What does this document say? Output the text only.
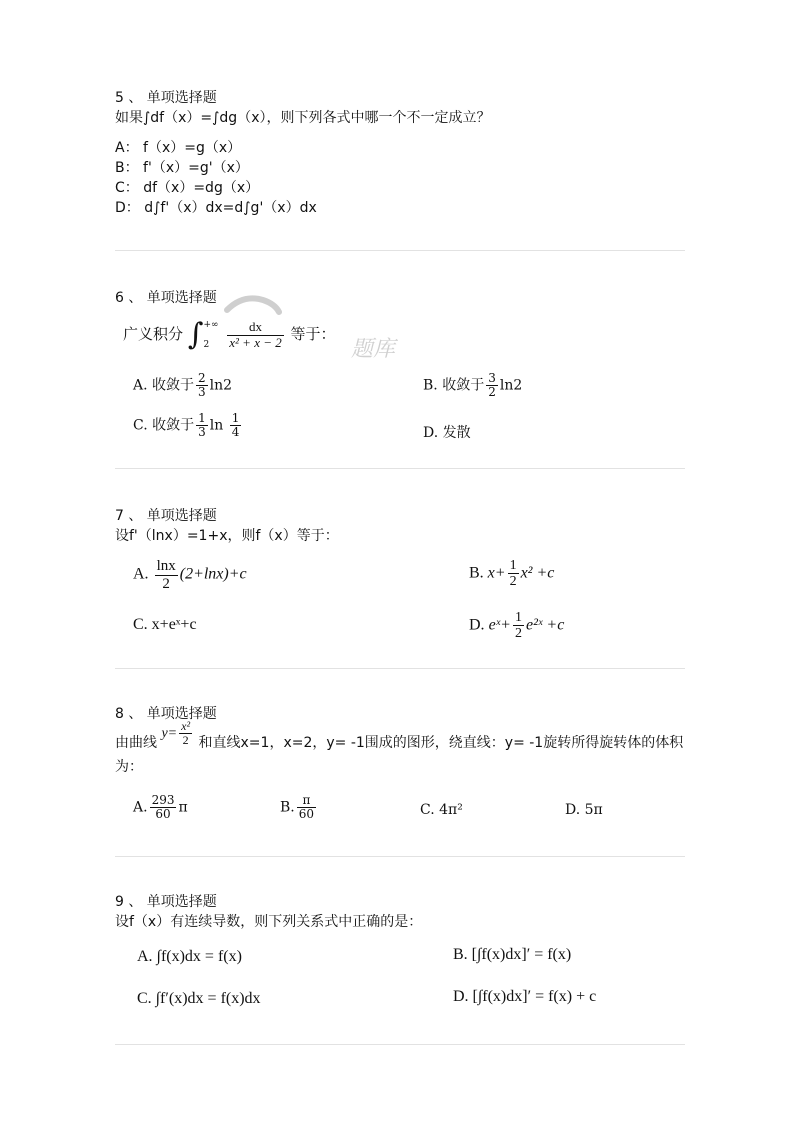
5 、 单项选择题

如果∫df（x）=∫dg（x），则下列各式中哪一个不一定成立？

A： f（x）=g（x）
B： f'（x）=g'（x）
C： df（x）=dg（x）
D： d∫f'（x）dx=d∫g'（x）dx

6 、 单项选择题

广义积分 ∫ +∞
2
	$\frac{dx}{\text{x² + x − 2}}$ 等于：
题库
A. 收敛于 $\frac{2}{3} \ln 2$	B. 收敛于 $\frac{3}{2} \ln 2$
C. 收敛于 $\frac{1}{3}$ $\ln \frac{1}{4}$	D. 发散

7 、 单项选择题

设f'（lnx）=1+x，则f（x）等于：

A. $\frac{\ln x}{2} (2+\ln x)+c$	B. $x+ \frac{1}{2} x^2 +c$
C. x+eˣ+c	D. eˣ+ $\frac{1}{2}$ e²ˣ +c

8 、 单项选择题

由曲线 $y= \frac{\text{x²}}{2}$ 和直线x=1，x=2，y= -1围成的图形，绕直线：y= -1旋转所得旋转体的体积为：
A. $\frac{293}{60}$ π	B. $\frac{\pi}{60}$	C. 4π²	D. 5π

9 、 单项选择题

设f（x）有连续导数，则下列关系式中正确的是：

A. ∫f(x)dx = f(x)	B. [∫f(x)dx]′ = f(x)
C. ∫f′(x)dx = f(x)dx	D. [∫f(x)dx]′ = f(x) + c
